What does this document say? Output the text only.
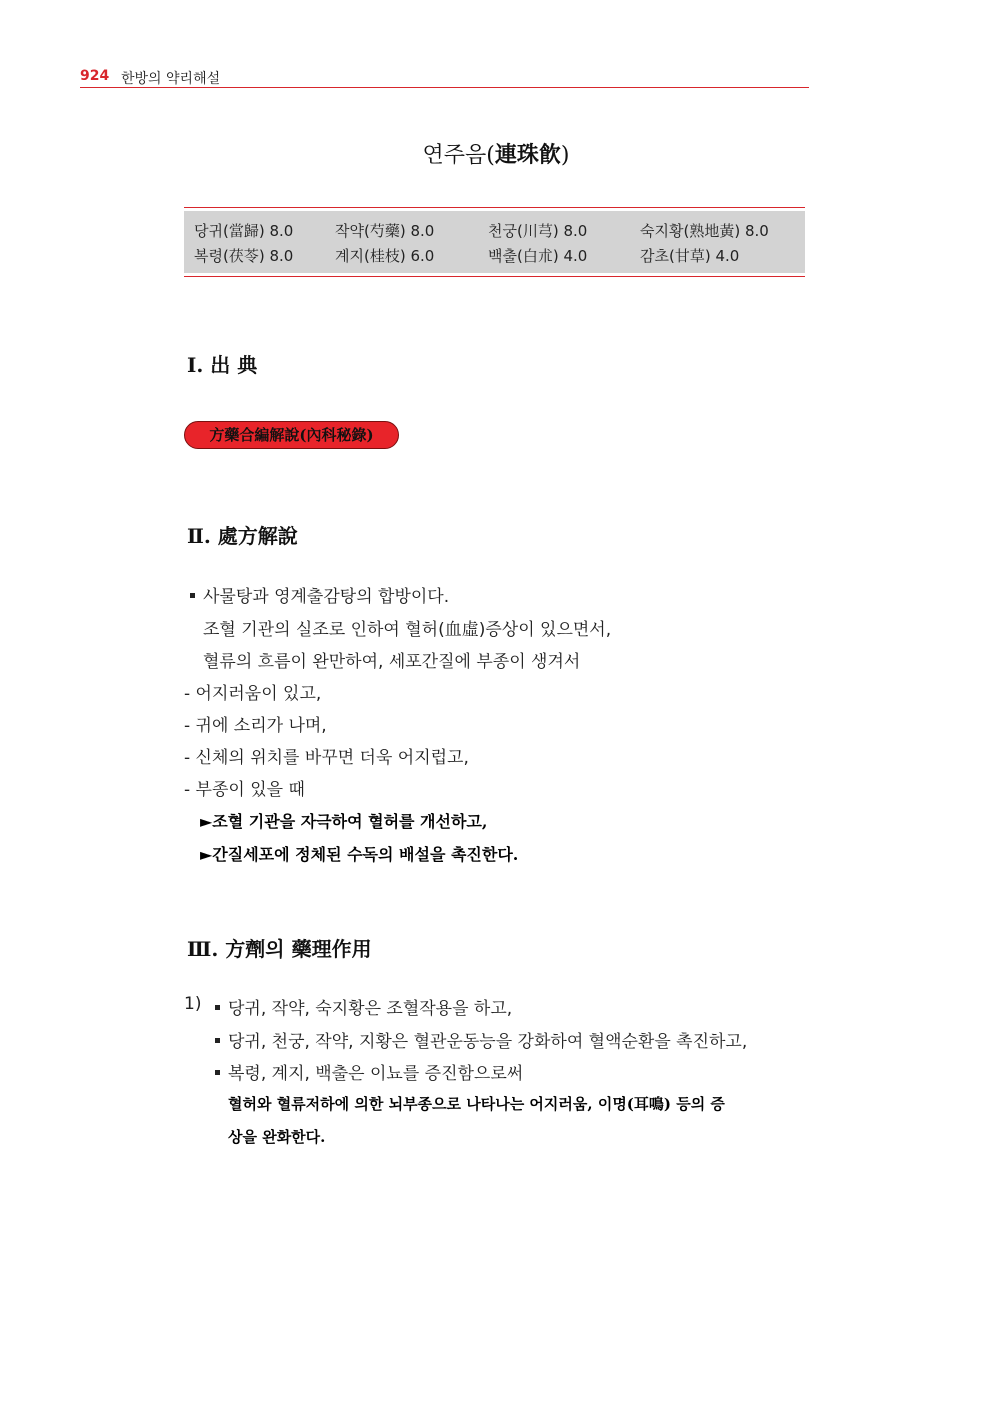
924 한방의 약리해설
연주음(連珠飮)
당귀(當歸) 8.0	작약(芍藥) 8.0	천궁(川芎) 8.0	숙지황(熟地黃) 8.0
복령(茯苓) 8.0	계지(桂枝) 6.0	백출(白朮) 4.0	감초(甘草) 4.0
Ⅰ. 出 典
方藥合編解說(內科秘錄)
Ⅱ. 處方解說
사물탕과 영계출감탕의 합방이다.
조혈 기관의 실조로 인하여 혈허(血虛)증상이 있으면서,
혈류의 흐름이 완만하여, 세포간질에 부종이 생겨서
- 어지러움이 있고,
- 귀에 소리가 나며,
- 신체의 위치를 바꾸면 더욱 어지럽고,
- 부종이 있을 때
►조혈 기관을 자극하여 혈허를 개선하고,
►간질세포에 정체된 수독의 배설을 촉진한다.
Ⅲ. 方劑의 藥理作用
1)	당귀, 작약, 숙지황은 조혈작용을 하고,
당귀, 천궁, 작약, 지황은 혈관운동능을 강화하여 혈액순환을 촉진하고,
복령, 계지, 백출은 이뇨를 증진함으로써
혈허와 혈류저하에 의한 뇌부종으로 나타나는 어지러움, 이명(耳鳴) 등의 증
상을 완화한다.
